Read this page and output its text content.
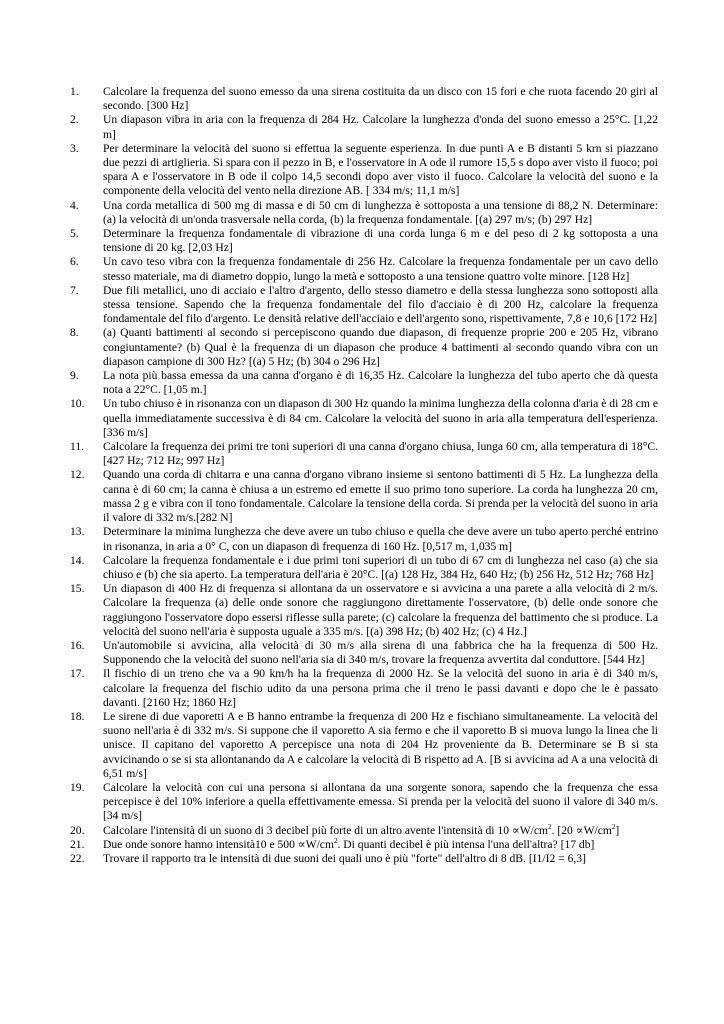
1.	Calcolare la frequenza del suono emesso da una sirena costituita da un disco con 15 fori e che ruota facendo 20 giri al secondo. [300 Hz]
2.	Un diapason vibra in aria con la frequenza di 284 Hz. Calcolare la lunghezza d'onda del suono emesso a 25°C. [1,22 m]
3.	Per determinare la velocità del suono si effettua la seguente esperienza. In due punti A e B distanti 5 krn si piazzano due pezzi di artiglieria. Si spara con il pezzo in B, e l'osservatore in A ode il rumore 15,5 s dopo aver visto il fuoco; poi spara A e l'osservatore in B ode il colpo 14,5 secondi dopo aver visto il fuoco. Calcolare la velocità del suono e la componente della velocità del vento nella direzione AB. [ 334 m/s; 11,1 m/s]
4.	Una corda metallica di 500 mg di massa e di 50 cm di lunghezza è sottoposta a una tensione di 88,2 N. Determinare: (a) la velocità di un'onda trasversale nella corda, (b) la frequenza fondamentale. [(a) 297 m/s; (b) 297 Hz]
5.	Determinare la frequenza fondamentale di vibrazione di una corda lunga 6 m e del peso di 2 kg sottoposta a una tensione di 20 kg. [2,03 Hz]
6.	Un cavo teso vibra con la frequenza fondamentale di 256 Hz. Calcolare la frequenza fondamentale per un cavo dello stesso materiale, ma di diametro doppio, lungo la metà e sottoposto a una tensione quattro volte minore. [128 Hz]
7.	Due fili metallici, uno di acciaio e l'altro d'argento, dello stesso diametro e della stessa lunghezza sono sottoposti alla stessa tensione. Sapendo che la frequenza fondamentale del filo d'acciaio è di 200 Hz, calcolare la frequenza fondamentale del filo d'argento. Le densità relative dell'acciaio e dell'argento sono, rispettivamente, 7,8 e 10,6 [172 Hz]
8.	(a) Quanti battimenti al secondo si percepiscono quando due diapason, di frequenze proprie 200 e 205 Hz, vibrano congiuntamente? (b) Qual è la frequenza di un diapason che produce 4 battimenti al secondo quando vibra con un diapason campione di 300 Hz? [(a) 5 Hz; (b) 304 o 296 Hz]
9.	La nota più bassa emessa da una canna d'organo è di 16,35 Hz. Calcolare la lunghezza del tubo aperto che dà questa nota a 22°C. [1,05 m.]
10.	Un tubo chiuso è in risonanza con un diapason di 300 Hz quando la minima lunghezza della colonna d'aria è di 28 cm e quella immediatamente successiva è di 84 cm. Calcolare la velocità del suono in aria alla temperatura dell'esperienza. [336 m/s]
11.	Calcolare la frequenza dei primi tre toni superiori di una canna d'organo chiusa, lunga 60 cm, alla temperatura di 18°C. [427 Hz; 712 Hz; 997 Hz]
12.	Quando una corda di chitarra e una canna d'organo vibrano insieme si sentono battimenti di 5 Hz. La lunghezza della canna è di 60 cm; la canna è chiusa a un estremo ed emette il suo primo tono superiore. La corda ha lunghezza 20 cm, massa 2 g e vibra con il tono fondamentale. Calcolare la tensione della corda. Si prenda per la velocità del suono in aria il valore di 332 m/s.[282 N]
13.	Determinare la minima lunghezza che deve avere un tubo chiuso e quella che deve avere un tubo aperto perché entrino in risonanza, in aria a 0° C, con un diapason di frequenza di 160 Hz. [0,517 m, 1,035 m]
14.	Calcolare la frequenza fondamentale e i due primi toni superiori di un tubo di 67 cm di lunghezza nel caso (a) che sia chiuso e (b) che sia aperto. La temperatura dell'aria è 20°C. [(a) 128 Hz, 384 Hz, 640 Hz; (b) 256 Hz, 512 Hz; 768 Hz]
15.	Un diapason di 400 Hz di frequenza si allontana da un osservatore e si avvicina a una parete a alla velocità di 2 m/s. Calcolare la frequenza (a) delle onde sonore che raggiungono direttamente l'osservatore, (b) delle onde sonore che raggiungono l'osservatore dopo essersi riflesse sulla parete; (c) calcolare la frequenza del battimento che si produce. La velocità del suono nell'aria è supposta uguale a 335 m/s. [(a) 398 Hz; (b) 402 Hz; (c) 4 Hz.]
16.	Un'automobile si avvicina, alla velocità di 30 m/s alla sirena di una fabbrica che ha la frequenza di 500 Hz. Supponendo che la velocità del suono nell'aria sia di 340 m/s, trovare la frequenza avvertita dal conduttore. [544 Hz]
17.	Il fischio di un treno che va a 90 km/h ha la frequenza di 2000 Hz. Se la velocità del suono in aria è di 340 m/s, calcolare la frequenza del fischio udito da una persona prima che il treno le passi davanti e dopo che le è passato davanti. [2160 Hz; 1860 Hz]
18.	Le sirene di due vaporetti A e B hanno entrambe la frequenza di 200 Hz e fischiano simultaneamente. La velocità del suono nell'aria è di 332 m/s. Si suppone che il vaporetto A sia fermo e che il vaporetto B si muova lungo la linea che li unisce. Il capitano del vaporetto A percepisce una nota di 204 Hz proveniente da B. Determinare se B si sta avvicinando o se si sta allontanando da A e calcolare la velocità di B rispetto ad A. [B si avvicina ad A a una velocità di 6,51 m/s]
19.	Calcolare la velocità con cui una persona si allontana da una sorgente sonora, sapendo che la frequenza che essa percepisce è del 10% inferiore a quella effettivamente emessa. Si prenda per la velocità del suono il valore di 340 m/s. [34 m/s]
20.	Calcolare l'intensità di un suono di 3 decibel più forte di un altro avente l'intensità di $10 \propto W/cm^2$. $[20 \propto W/cm^2]$
21.	Due onde sonore hanno intensità10 e $500 \propto W/cm^2$. Di quanti decibel è più intensa l'una dell'altra? [17 db]
22.	Trovare il rapporto tra le intensità di due suoni dei quali uno è più "forte" dell'altro di 8 dB. [I1/I2 = 6,3]
